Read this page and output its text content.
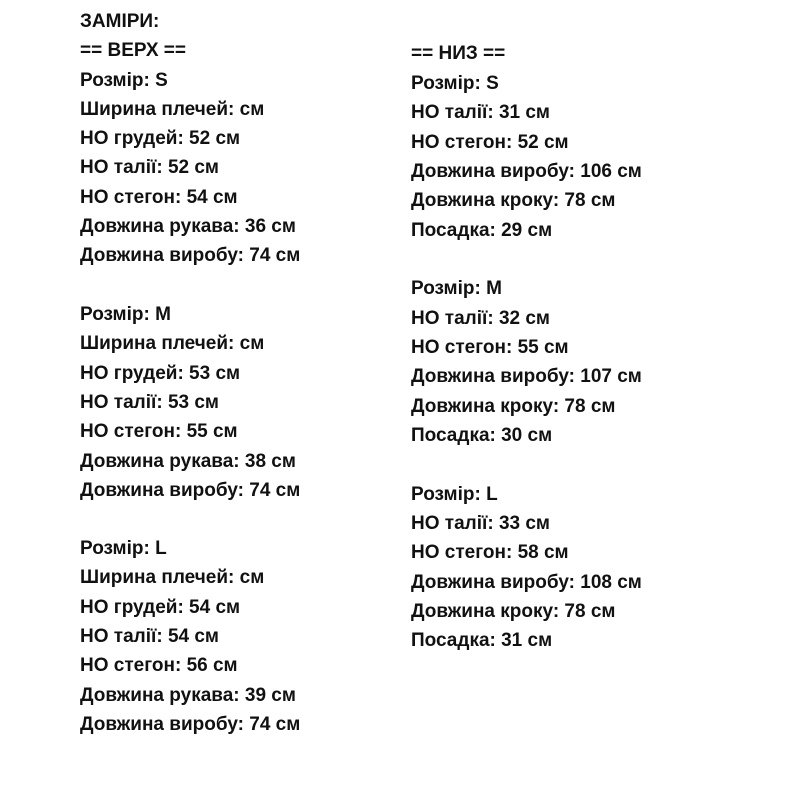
ЗАМІРИ:
== ВЕРХ ==
Розмір: S
Ширина плечей: см
НО грудей: 52 см
НО талії: 52 см
НО стегон: 54 см
Довжина рукава: 36 см
Довжина виробу: 74 см
Розмір: M
Ширина плечей: см
НО грудей: 53 см
НО талії: 53 см
НО стегон: 55 см
Довжина рукава: 38 см
Довжина виробу: 74 см
Розмір: L
Ширина плечей: см
НО грудей: 54 см
НО талії: 54 см
НО стегон: 56 см
Довжина рукава: 39 см
Довжина виробу: 74 см
== НИЗ ==
Розмір: S
НО талії: 31 см
НО стегон: 52 см
Довжина виробу: 106 см
Довжина кроку: 78 см
Посадка: 29 см
Розмір: M
НО талії: 32 см
НО стегон: 55 см
Довжина виробу: 107 см
Довжина кроку: 78 см
Посадка: 30 см
Розмір: L
НО талії: 33 см
НО стегон: 58 см
Довжина виробу: 108 см
Довжина кроку: 78 см
Посадка: 31 см
